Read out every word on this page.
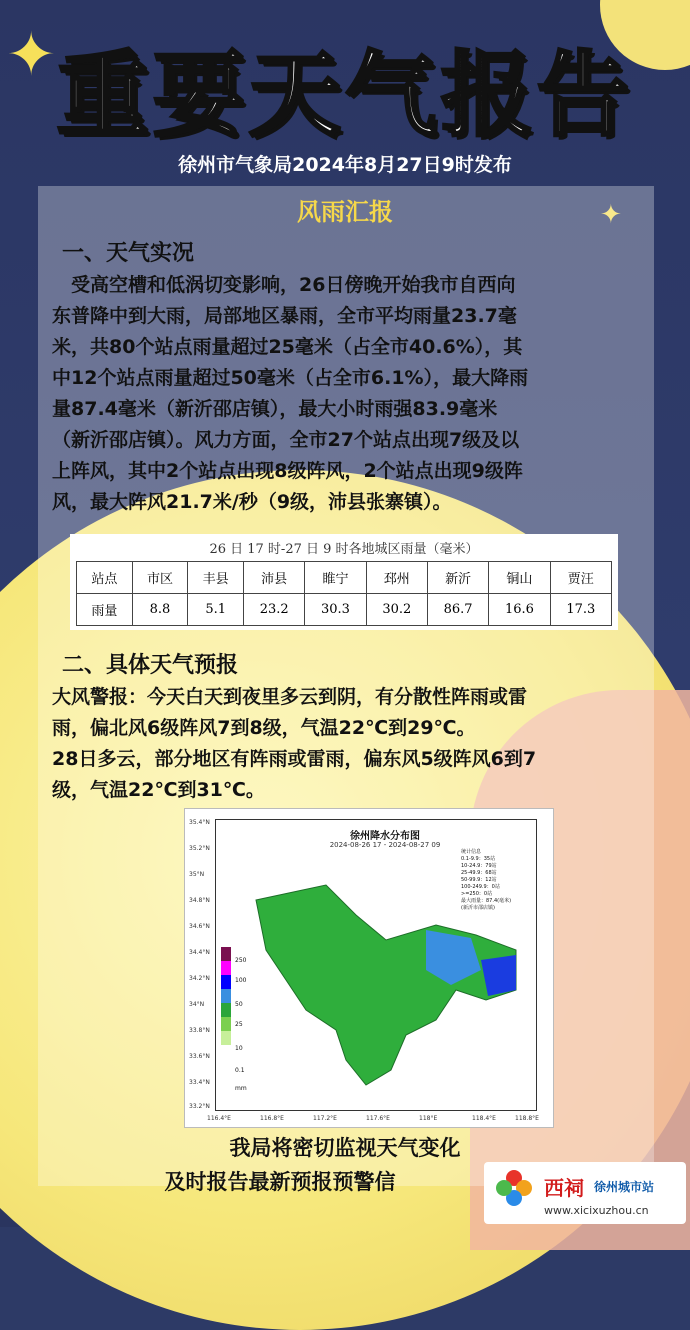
✦
✦
重要天气报告
徐州市气象局2024年8月27日9时发布
风雨汇报
一、天气实况
　受高空槽和低涡切变影响，26日傍晚开始我市自西向
东普降中到大雨，局部地区暴雨，全市平均雨量23.7毫
米，共80个站点雨量超过25毫米（占全市40.6%），其
中12个站点雨量超过50毫米（占全市6.1%），最大降雨
量87.4毫米（新沂邵店镇），最大小时雨强83.9毫米
（新沂邵店镇）。风力方面，全市27个站点出现7级及以
上阵风，其中2个站点出现8级阵风，2个站点出现9级阵
风，最大阵风21.7米/秒（9级，沛县张寨镇）。
26 日 17 时-27 日 9 时各地城区雨量（毫米）
站点	市区	丰县	沛县	睢宁	邳州	新沂	铜山	贾汪
雨量	8.8	5.1	23.2	30.3	30.2	86.7	16.6	17.3
二、具体天气预报
大风警报：今天白天到夜里多云到阴，有分散性阵雨或雷
雨，偏北风6级阵风7到8级，气温22℃到29℃。
28日多云，部分地区有阵雨或雷雨，偏东风5级阵风6到7
级，气温22℃到31℃。
徐州降水分布图
2024-08-26 17 - 2024-08-27 09
35.4°N
35.2°N
35°N
34.8°N
34.6°N
34.4°N
34.2°N
34°N
33.8°N
33.6°N
33.4°N
33.2°N
116.4°E	116.8°E	117.2°E	117.6°E	118°E	118.4°E	118.8°E
统计信息
0.1-9.9：35站
10-24.9：79站
25-49.9：68站
50-99.9：12站
100-249.9：0站
>=250：0站
最大雨量：87.4(毫米)
(新沂市邵店镇)
250
100
50
25
10
0.1
mm
我局将密切监视天气变化
及时报告最新预报预警信	西祠 徐州城市站
www.xicixuzhou.cn
